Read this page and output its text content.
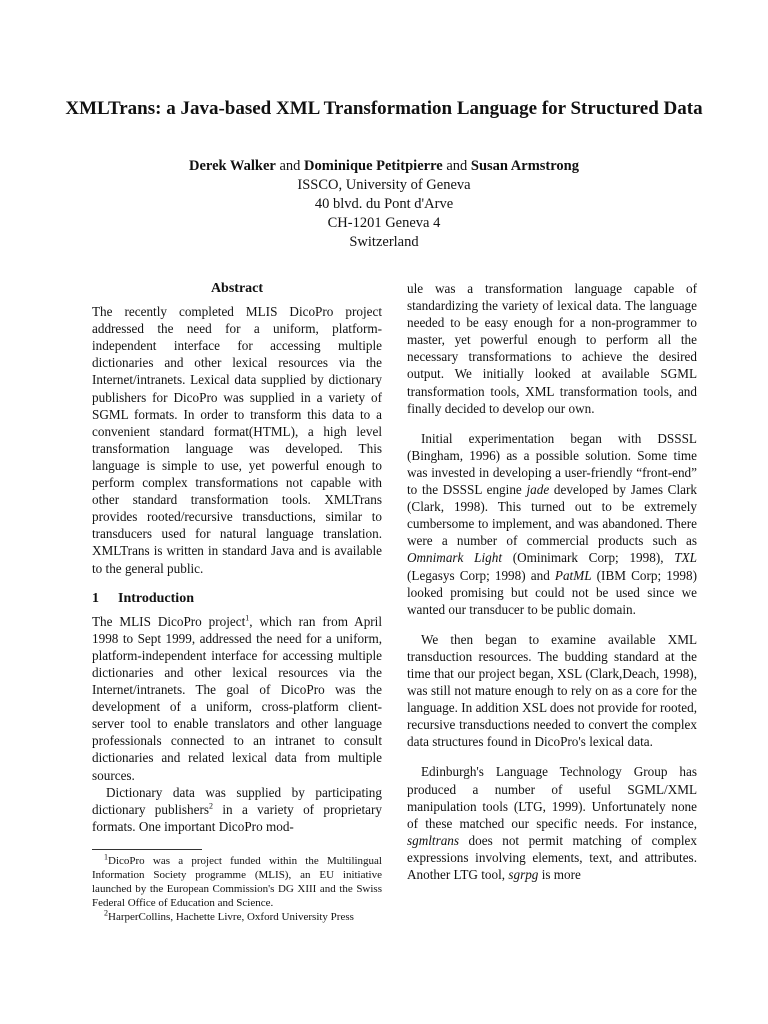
XMLTrans: a Java-based XML Transformation Language for Structured Data
Derek Walker and Dominique Petitpierre and Susan Armstrong
ISSCO, University of Geneva
40 blvd. du Pont d'Arve
CH-1201 Geneva 4
Switzerland
Abstract

The recently completed MLIS DicoPro project addressed the need for a uniform, platform-independent interface for accessing multiple dictionaries and other lexical resources via the Internet/intranets. Lexical data supplied by dictionary publishers for DicoPro was supplied in a variety of SGML formats. In order to transform this data to a convenient standard format(HTML), a high level transformation language was developed. This language is simple to use, yet powerful enough to perform complex transformations not capable with other standard transformation tools. XMLTrans provides rooted/recursive transductions, similar to transducers used for natural language translation. XMLTrans is written in standard Java and is available to the general public.

1 Introduction

The MLIS DicoPro project$^1$, which ran from April 1998 to Sept 1999, addressed the need for a uniform, platform-independent interface for accessing multiple dictionaries and other lexical resources via the Internet/intranets. The goal of DicoPro was the development of a uniform, cross-platform client-server tool to enable translators and other language professionals connected to an intranet to consult dictionaries and related lexical data from multiple sources.

Dictionary data was supplied by participating dictionary publishers$^2$ in a variety of proprietary formats. One important DicoPro mod-

$^1$DicoPro was a project funded within the Multilingual Information Society programme (MLIS), an EU initiative launched by the European Commission's DG XIII and the Swiss Federal Office of Education and Science.

$^2$HarperCollins, Hachette Livre, Oxford University Press

ule was a transformation language capable of standardizing the variety of lexical data. The language needed to be easy enough for a non-programmer to master, yet powerful enough to perform all the necessary transformations to achieve the desired output. We initially looked at available SGML transformation tools, XML transformation tools, and finally decided to develop our own.

Initial experimentation began with DSSSL (Bingham, 1996) as a possible solution. Some time was invested in developing a user-friendly “front-end” to the DSSSL engine jade developed by James Clark (Clark, 1998). This turned out to be extremely cumbersome to implement, and was abandoned. There were a number of commercial products such as Omnimark Light (Ominimark Corp; 1998), TXL (Legasys Corp; 1998) and PatML (IBM Corp; 1998) looked promising but could not be used since we wanted our transducer to be public domain.

We then began to examine available XML transduction resources. The budding standard at the time that our project began, XSL (Clark,Deach, 1998), was still not mature enough to rely on as a core for the language. In addition XSL does not provide for rooted, recursive transductions needed to convert the complex data structures found in DicoPro's lexical data.

Edinburgh's Language Technology Group has produced a number of useful SGML/XML manipulation tools (LTG, 1999). Unfortunately none of these matched our specific needs. For instance, sgmltrans does not permit matching of complex expressions involving elements, text, and attributes. Another LTG tool, sgrpg is more
